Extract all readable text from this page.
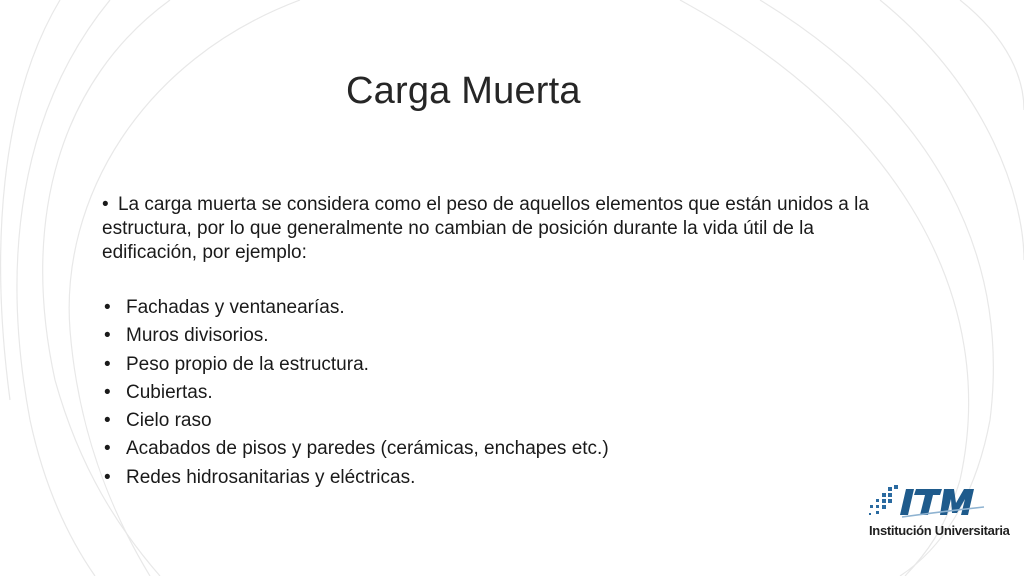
Carga Muerta
• La carga muerta se considera como el peso de aquellos elementos que están unidos a la estructura, por lo que generalmente no cambian de posición durante la vida útil de la edificación, por ejemplo:
• Fachadas y ventanearías.
• Muros divisorios.
• Peso propio de la estructura.
• Cubiertas.
• Cielo raso
• Acabados de pisos y paredes (cerámicas, enchapes etc.)
• Redes hidrosanitarias y eléctricas.
Institución Universitaria
